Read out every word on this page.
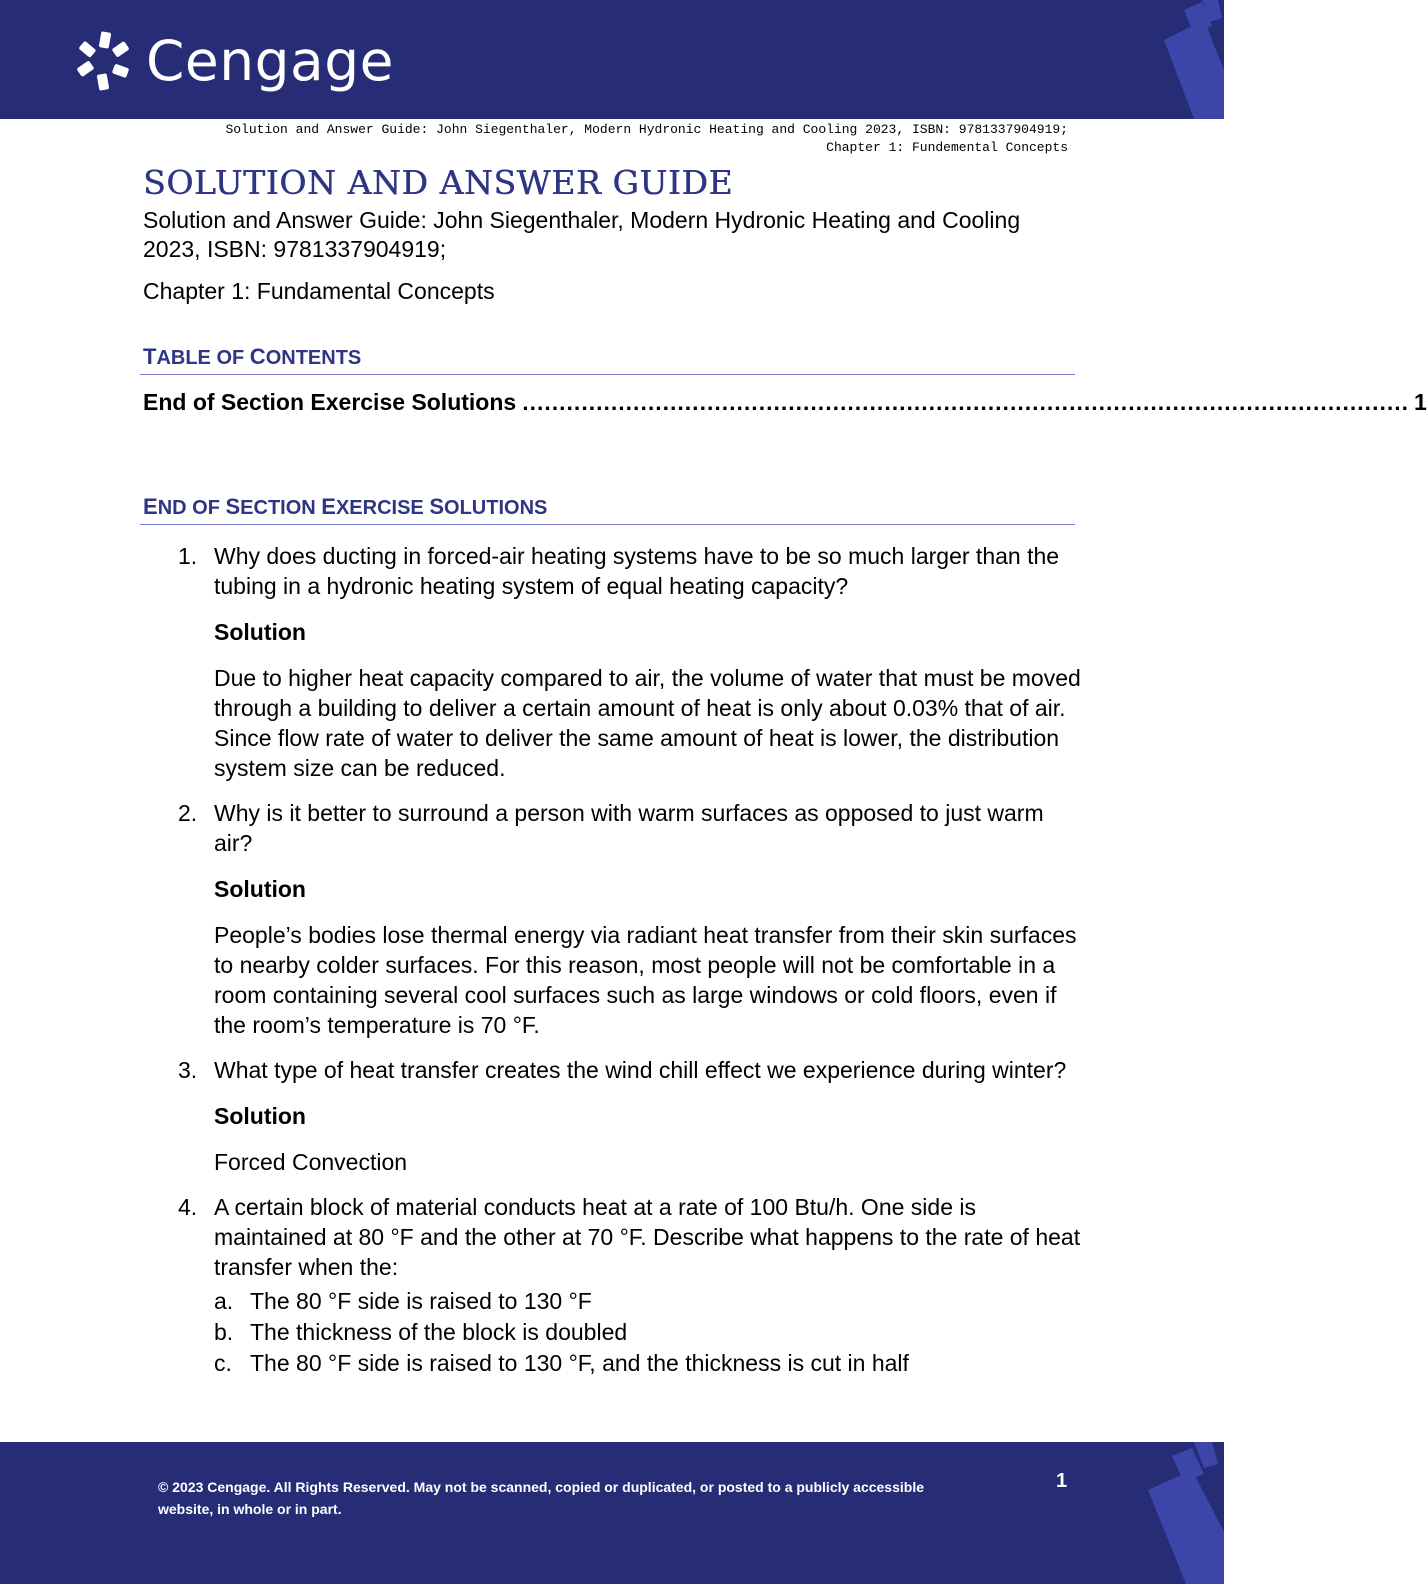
Cengage
Solution and Answer Guide: John Siegenthaler, Modern Hydronic Heating and Cooling 2023, ISBN: 9781337904919;
Chapter 1: Fundemental Concepts
SOLUTION AND ANSWER GUIDE

Solution and Answer Guide: John Siegenthaler, Modern Hydronic Heating and Cooling 2023, ISBN: 9781337904919;

Chapter 1: Fundamental Concepts

TABLE OF CONTENTS
End of Section Exercise Solutions ........................................................................................................................ 1
END OF SECTION EXERCISE SOLUTIONS
1. Why does ducting in forced-air heating systems have to be so much larger than the tubing in a hydronic heating system of equal heating capacity?

Solution

Due to higher heat capacity compared to air, the volume of water that must be moved through a building to deliver a certain amount of heat is only about 0.03% that of air. Since flow rate of water to deliver the same amount of heat is lower, the distribution system size can be reduced.

2. Why is it better to surround a person with warm surfaces as opposed to just warm air?

Solution

People’s bodies lose thermal energy via radiant heat transfer from their skin surfaces to nearby colder surfaces. For this reason, most people will not be comfortable in a room containing several cool surfaces such as large windows or cold floors, even if the room’s temperature is 70 °F.

3. What type of heat transfer creates the wind chill effect we experience during winter?

Solution

Forced Convection

4. A certain block of material conducts heat at a rate of 100 Btu/h. One side is maintained at 80 °F and the other at 70 °F. Describe what happens to the rate of heat transfer when the:

a. The 80 °F side is raised to 130 °F
b. The thickness of the block is doubled
c. The 80 °F side is raised to 130 °F, and the thickness is cut in half
© 2023 Cengage. All Rights Reserved. May not be scanned, copied or duplicated, or posted to a publicly accessible website, in whole or in part.
1
